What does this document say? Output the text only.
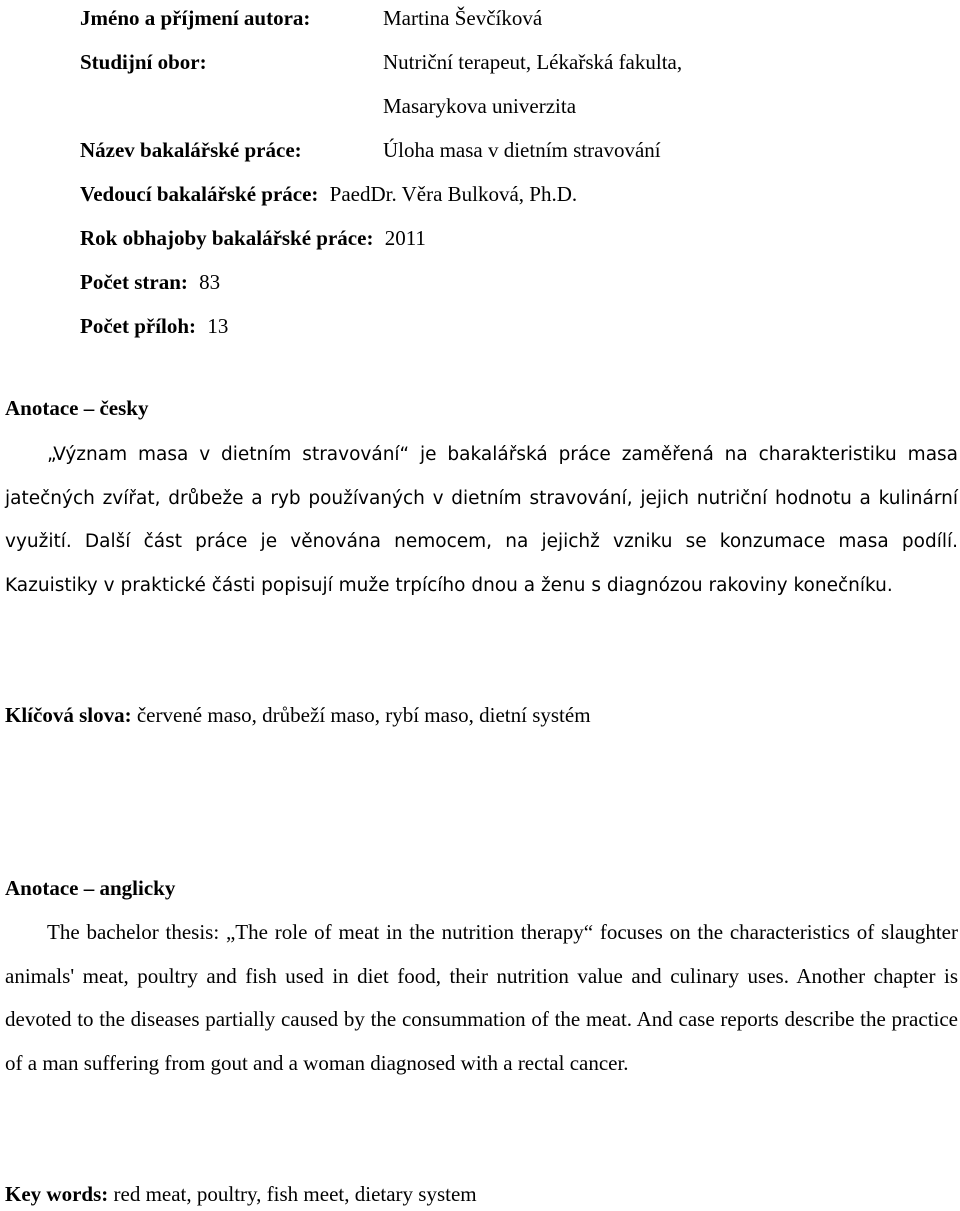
Jméno a příjmení autora:	Martina Ševčíková
Studijní obor:	Nutriční terapeut, Lékařská fakulta,
Masarykova univerzita
Název bakalářské práce:	Úloha masa v dietním stravování
Vedoucí bakalářské práce: PaedDr. Věra Bulková, Ph.D.
Rok obhajoby bakalářské práce: 2011
Počet stran: 83
Počet příloh: 13
Anotace – česky
„Význam masa v dietním stravování“ je bakalářská práce zaměřená na charakteristiku masa jatečných zvířat, drůbeže a ryb používaných v dietním stravování, jejich nutriční hodnotu a kulinární využití. Další část práce je věnována nemocem, na jejichž vzniku se konzumace masa podílí. Kazuistiky v praktické části popisují muže trpícího dnou a ženu s diagnózou rakoviny konečníku.
Klíčová slova: červené maso, drůbeží maso, rybí maso, dietní systém
Anotace – anglicky
The bachelor thesis: „The role of meat in the nutrition therapy“ focuses on the characteristics of slaughter animals' meat, poultry and fish used in diet food, their nutrition value and culinary uses. Another chapter is devoted to the diseases partially caused by the consummation of the meat. And case reports describe the practice of a man suffering from gout and a woman diagnosed with a rectal cancer.
Key words: red meat, poultry, fish meet, dietary system
